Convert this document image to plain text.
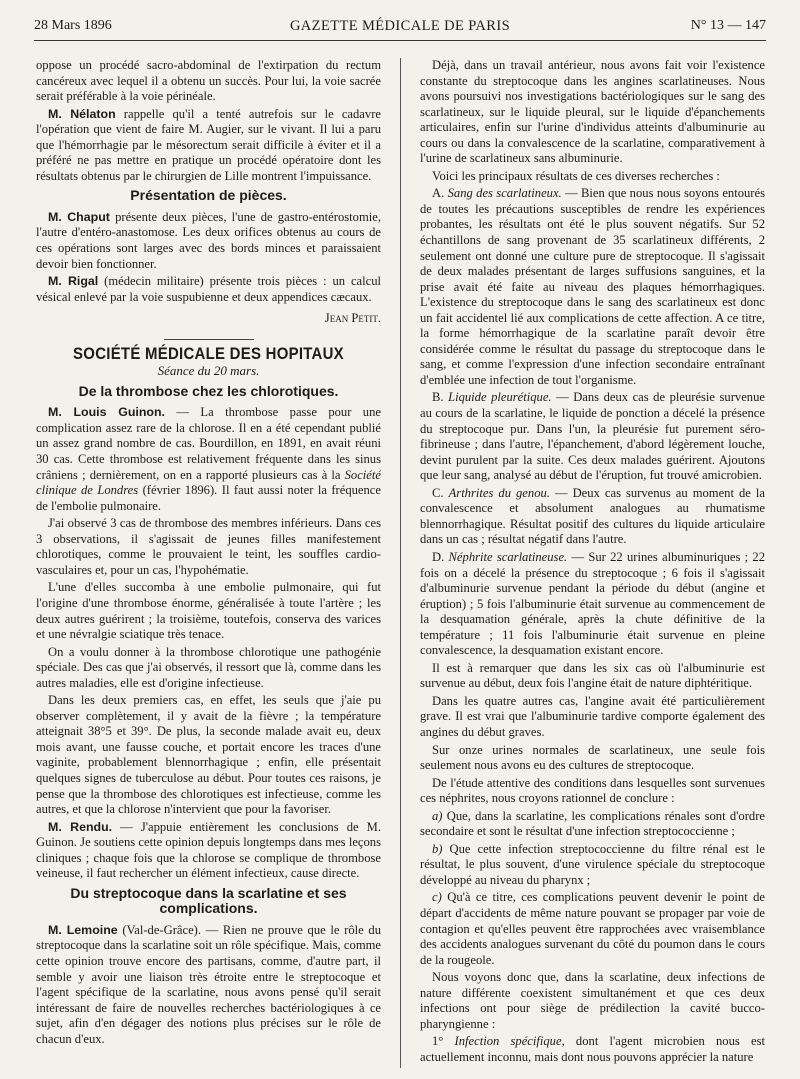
28 Mars 1896	GAZETTE MÉDICALE DE PARIS	N° 13 — 147

oppose un procédé sacro-abdominal de l'extirpation du rectum cancéreux avec lequel il a obtenu un succès. Pour lui, la voie sacrée serait préférable à la voie périnéale.

M. Nélaton rappelle qu'il a tenté autrefois sur le cadavre l'opération que vient de faire M. Augier, sur le vivant. Il lui a paru que l'hémorrhagie par le mésorectum serait difficile à éviter et il a préféré ne pas mettre en pratique un procédé opératoire dont les résultats obtenus par le chirurgien de Lille montrent l'impuissance.

Présentation de pièces.

M. Chaput présente deux pièces, l'une de gastro-entérostomie, l'autre d'entéro-anastomose. Les deux orifices obtenus au cours de ces opérations sont larges avec des bords minces et paraissaient devoir bien fonctionner.

M. Rigal (médecin militaire) présente trois pièces : un calcul vésical enlevé par la voie suspubienne et deux appendices cæcaux.

Jean Petit.
SOCIÉTÉ MÉDICALE DES HOPITAUX
Séance du 20 mars.
De la thrombose chez les chlorotiques.

M. Louis Guinon. — La thrombose passe pour une complication assez rare de la chlorose. Il en a été cependant publié un assez grand nombre de cas. Bourdillon, en 1891, en avait réuni 30 cas. Cette thrombose est relativement fréquente dans les sinus crâniens ; dernièrement, on en a rapporté plusieurs cas à la Société clinique de Londres (février 1896). Il faut aussi noter la fréquence de l'embolie pulmonaire.

J'ai observé 3 cas de thrombose des membres inférieurs. Dans ces 3 observations, il s'agissait de jeunes filles manifestement chlorotiques, comme le prouvaient le teint, les souffles cardio-vasculaires et, pour un cas, l'hypohématie.

L'une d'elles succomba à une embolie pulmonaire, qui fut l'origine d'une thrombose énorme, généralisée à toute l'artère ; les deux autres guérirent ; la troisième, toutefois, conserva des varices et une névralgie sciatique très tenace.

On a voulu donner à la thrombose chlorotique une pathogénie spéciale. Des cas que j'ai observés, il ressort que là, comme dans les autres maladies, elle est d'origine infectieuse.

Dans les deux premiers cas, en effet, les seuls que j'aie pu observer complètement, il y avait de la fièvre ; la température atteignait 38°5 et 39°. De plus, la seconde malade avait eu, deux mois avant, une fausse couche, et portait encore les traces d'une vaginite, probablement blennorrhagique ; enfin, elle présentait quelques signes de tuberculose au début. Pour toutes ces raisons, je pense que la thrombose des chlorotiques est infectieuse, comme les autres, et que la chlorose n'intervient que pour la favoriser.

M. Rendu. — J'appuie entièrement les conclusions de M. Guinon. Je soutiens cette opinion depuis longtemps dans mes leçons cliniques ; chaque fois que la chlorose se complique de thrombose veineuse, il faut rechercher un élément infectieux, cause directe.

Du streptocoque dans la scarlatine et ses complications.

M. Lemoine (Val-de-Grâce). — Rien ne prouve que le rôle du streptocoque dans la scarlatine soit un rôle spécifique. Mais, comme cette opinion trouve encore des partisans, comme, d'autre part, il semble y avoir une liaison très étroite entre le streptocoque et l'agent spécifique de la scarlatine, nous avons pensé qu'il serait intéressant de faire de nouvelles recherches bactériologiques à ce sujet, afin d'en dégager des notions plus précises sur le rôle de chacun d'eux.

Déjà, dans un travail antérieur, nous avons fait voir l'existence constante du streptocoque dans les angines scarlatineuses. Nous avons poursuivi nos investigations bactériologiques sur le sang des scarlatineux, sur le liquide pleural, sur le liquide d'épanchements articulaires, enfin sur l'urine d'individus atteints d'albuminurie au cours ou dans la convalescence de la scarlatine, comparativement à l'urine de scarlatineux sans albuminurie.

Voici les principaux résultats de ces diverses recherches :

A. Sang des scarlatineux. — Bien que nous nous soyons entourés de toutes les précautions susceptibles de rendre les expériences probantes, les résultats ont été le plus souvent négatifs. Sur 52 échantillons de sang provenant de 35 scarlatineux différents, 2 seulement ont donné une culture pure de streptocoque. Il s'agissait de deux malades présentant de larges suffusions sanguines, et la prise avait été faite au niveau des plaques hémorrhagiques. L'existence du streptocoque dans le sang des scarlatineux est donc un fait accidentel lié aux complications de cette affection. A ce titre, la forme hémorrhagique de la scarlatine paraît devoir être considérée comme le résultat du passage du streptocoque dans le sang, et comme l'expression d'une infection secondaire entraînant d'emblée une infection de tout l'organisme.

B. Liquide pleurétique. — Dans deux cas de pleurésie survenue au cours de la scarlatine, le liquide de ponction a décelé la présence du streptocoque pur. Dans l'un, la pleurésie fut purement séro-fibrineuse ; dans l'autre, l'épanchement, d'abord légèrement louche, devint purulent par la suite. Ces deux malades guérirent. Ajoutons que leur sang, analysé au début de l'éruption, fut trouvé amicrobien.

C. Arthrites du genou. — Deux cas survenus au moment de la convalescence et absolument analogues au rhumatisme blennorrhagique. Résultat positif des cultures du liquide articulaire dans un cas ; résultat négatif dans l'autre.

D. Néphrite scarlatineuse. — Sur 22 urines albuminuriques ; 22 fois on a décelé la présence du streptocoque ; 6 fois il s'agissait d'albuminurie survenue pendant la période du début (angine et éruption) ; 5 fois l'albuminurie était survenue au commencement de la desquamation générale, après la chute définitive de la température ; 11 fois l'albuminurie était survenue en pleine convalescence, la desquamation existant encore.

Il est à remarquer que dans les six cas où l'albuminurie est survenue au début, deux fois l'angine était de nature diphtéritique.

Dans les quatre autres cas, l'angine avait été particulièrement grave. Il est vrai que l'albuminurie tardive comporte également des angines du début graves.

Sur onze urines normales de scarlatineux, une seule fois seulement nous avons eu des cultures de streptocoque.

De l'étude attentive des conditions dans lesquelles sont survenues ces néphrites, nous croyons rationnel de conclure :

a) Que, dans la scarlatine, les complications rénales sont d'ordre secondaire et sont le résultat d'une infection streptococcienne ;

b) Que cette infection streptococcienne du filtre rénal est le résultat, le plus souvent, d'une virulence spéciale du streptocoque développé au niveau du pharynx ;

c) Qu'à ce titre, ces complications peuvent devenir le point de départ d'accidents de même nature pouvant se propager par voie de contagion et qu'elles peuvent être rapprochées avec vraisemblance des accidents analogues survenant du côté du poumon dans le cours de la rougeole.

Nous voyons donc que, dans la scarlatine, deux infections de nature différente coexistent simultanément et que ces deux infections ont pour siège de prédilection la cavité bucco-pharyngienne :

1° Infection spécifique, dont l'agent microbien nous est actuellement inconnu, mais dont nous pouvons apprécier la nature
